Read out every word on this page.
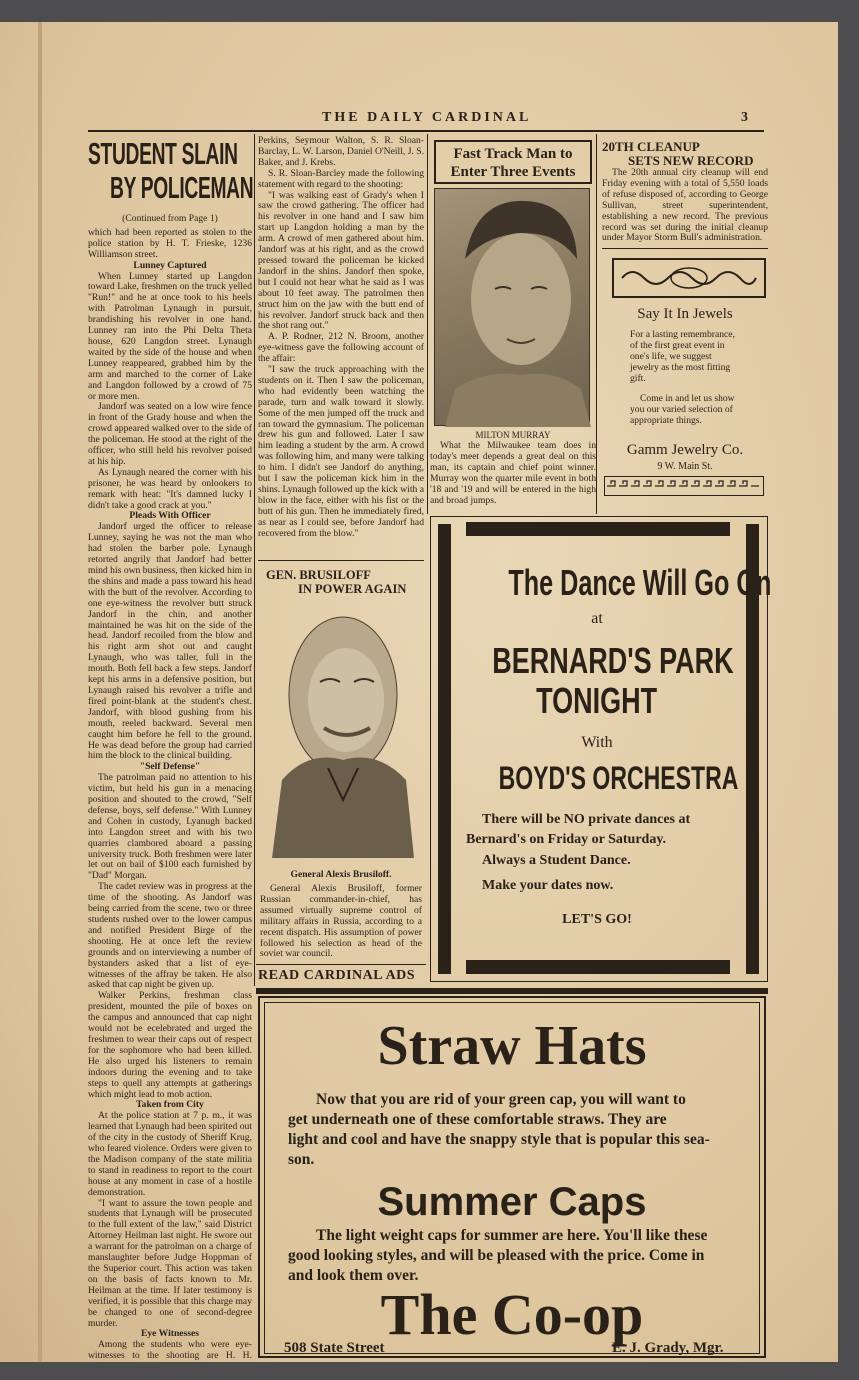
THE DAILY CARDINAL	3
STUDENT SLAIN
BY POLICEMAN
(Continued from Page 1)

which had been reported as stolen to the police station by H. T. Frieske, 1236 Williamson street.

Lunney Captured

When Lunney started up Langdon toward Lake, freshmen on the truck yelled "Run!" and he at once took to his heels with Patrolman Lynaugh in pursuit, brandishing his revolver in one hand. Lunney ran into the Phi Delta Theta house, 620 Langdon street. Lynaugh waited by the side of the house and when Lunney reappeared, grabbed him by the arm and marched to the corner of Lake and Langdon followed by a crowd of 75 or more men.

Jandorf was seated on a low wire fence in front of the Grady house and when the crowd appeared walked over to the side of the policeman. He stood at the right of the officer, who still held his revolver poised at his hip.

As Lynaugh neared the corner with his prisoner, he was heard by onlookers to remark with heat: "It's damned lucky I didn't take a good crack at you."

Pleads With Officer

Jandorf urged the officer to release Lunney, saying he was not the man who had stolen the barber pole. Lynaugh retorted angrily that Jandorf had better mind his own business, then kicked him in the shins and made a pass toward his head with the butt of the revolver. According to one eye-witness the revolver butt struck Jandorf in the chin, and another maintained he was hit on the side of the head. Jandorf recoiled from the blow and his right arm shot out and caught Lynaugh, who was taller, full in the mouth. Both fell back a few steps. Jandorf kept his arms in a defensive position, but Lynaugh raised his revolver a trifle and fired point-blank at the student's chest. Jandorf, with blood gushing from his mouth, reeled backward. Several men caught him before he fell to the ground. He was dead before the group had carried him the block to the clinical building.

"Self Defense"

The patrolman paid no attention to his victim, but held his gun in a menacing position and shouted to the crowd, "Self defense, boys, self defense." With Lunney and Cohen in custody, Lyanugh backed into Langdon street and with his two quarries clambored aboard a passing university truck. Both freshmen were later let out on bail of $100 each furnished by "Dad" Morgan.

The cadet review was in progress at the time of the shooting. As Jandorf was being carried from the scene, two or three students rushed over to the lower campus and notified President Birge of the shooting. He at once left the review grounds and on interviewing a number of bystanders asked that a list of eye-witnesses of the affray be taken. He also asked that cap night be given up.

Walker Perkins, freshman class president, mounted the pile of boxes on the campus and announced that cap night would not be ecelebrated and urged the freshmen to wear their caps out of respect for the sophomore who had been killed. He also urged his listeners to remain indoors during the evening and to take steps to quell any attempts at gatherings which might lead to mob action.

Taken from City

At the police station at 7 p. m., it was learned that Lynaugh had been spirited out of the city in the custody of Sheriff Krug, who feared violence. Orders were given to the Madison company of the state militia to stand in readiness to report to the court house at any moment in case of a hostile demonstration.

"I want to assure the town people and students that Lynaugh will be prosecuted to the full extent of the law," said District Attorney Heilman last night. He swore out a warrant for the patrolman on a charge of manslaughter before Judge Hoppman of the Superior court. This action was taken on the basis of facts known to Mr. Heilman at the time. If later testimony is verified, it is possible that this charge may be changed to one of second-degree murder.

Eye Witnesses

Among the students who were eye-witnesses to the shooting are H. H.

Perkins, Seymour Walton, S. R. Sloan-Barclay, L. W. Larson, Daniel O'Neill, J. S. Baker, and J. Krebs.

S. R. Sloan-Barcley made the following statement with regard to the shooting:

"I was walking east of Grady's when I saw the crowd gathering. The officer had his revolver in one hand and I saw him start up Langdon holding a man by the arm. A crowd of men gathered about him. Jandorf was at his right, and as the crowd pressed toward the policeman he kicked Jandorf in the shins. Jandorf then spoke, but I could not hear what he said as I was about 10 feet away. The patrolmen then struct him on the jaw with the butt end of his revolver. Jandorf struck back and then the shot rang out."

A. P. Rodner, 212 N. Broom, another eye-witness gave the following account of the affair:

"I saw the truck approaching with the students on it. Then I saw the policeman, who had evidently been watching the parade, turn and walk toward it slowly. Some of the men jumped off the truck and ran toward the gymnasium. The policeman drew his gun and followed. Later I saw him leading a student by the arm. A crowd was following him, and many were talking to him. I didn't see Jandorf do anything, but I saw the policeman kick him in the shins. Lynaugh followed up the kick with a blow in the face, either with his fist or the butt of his gun. Then he immediately fired, as near as I could see, before Jandorf had recovered from the blow."

GEN. BRUSILOFF
IN POWER AGAIN
General Alexis Brusiloff.

General Alexis Brusiloff, former Russian commander-in-chief, has assumed virtually supreme control of military affairs in Russia, according to a recent dispatch. His assumption of power followed his selection as head of the soviet war council.

READ CARDINAL ADS
Fast Track Man to
Enter Three Events
MILTON MURRAY

What the Milwaukee team does in today's meet depends a great deal on this man, its captain and chief point winner. Murray won the quarter mile event in both '18 and '19 and will be entered in the high and broad jumps.

20TH CLEANUP
SETS NEW RECORD

The 20th annual city cleanup will end Friday evening with a total of 5,550 loads of refuse disposed of, according to George Sullivan, street superintendent, establishing a new record. The previous record was set during the initial cleanup under Mayor Storm Bull's administration.

Say It In Jewels

For a lasting remembrance, of the first great event in one's life, we suggest jewelry as the most fitting gift.

Come in and let us show you our varied selection of appropriate things.

Gamm Jewelry Co.
9 W. Main St.
The Dance Will Go On
at
BERNARD'S PARK
TONIGHT
With
BOYD'S ORCHESTRA
There will be NO private dances at
Bernard's on Friday or Saturday.
Always a Student Dance.
Make your dates now.
LET'S GO!
Straw Hats
Now that you are rid of your green cap, you will want to
get underneath one of these comfortable straws. They are
light and cool and have the snappy style that is popular this sea-
son.
Summer Caps
The light weight caps for summer are here. You'll like these
good looking styles, and will be pleased with the price. Come in
and look them over.
The Co-op
508 State Street	E. J. Grady, Mgr.
